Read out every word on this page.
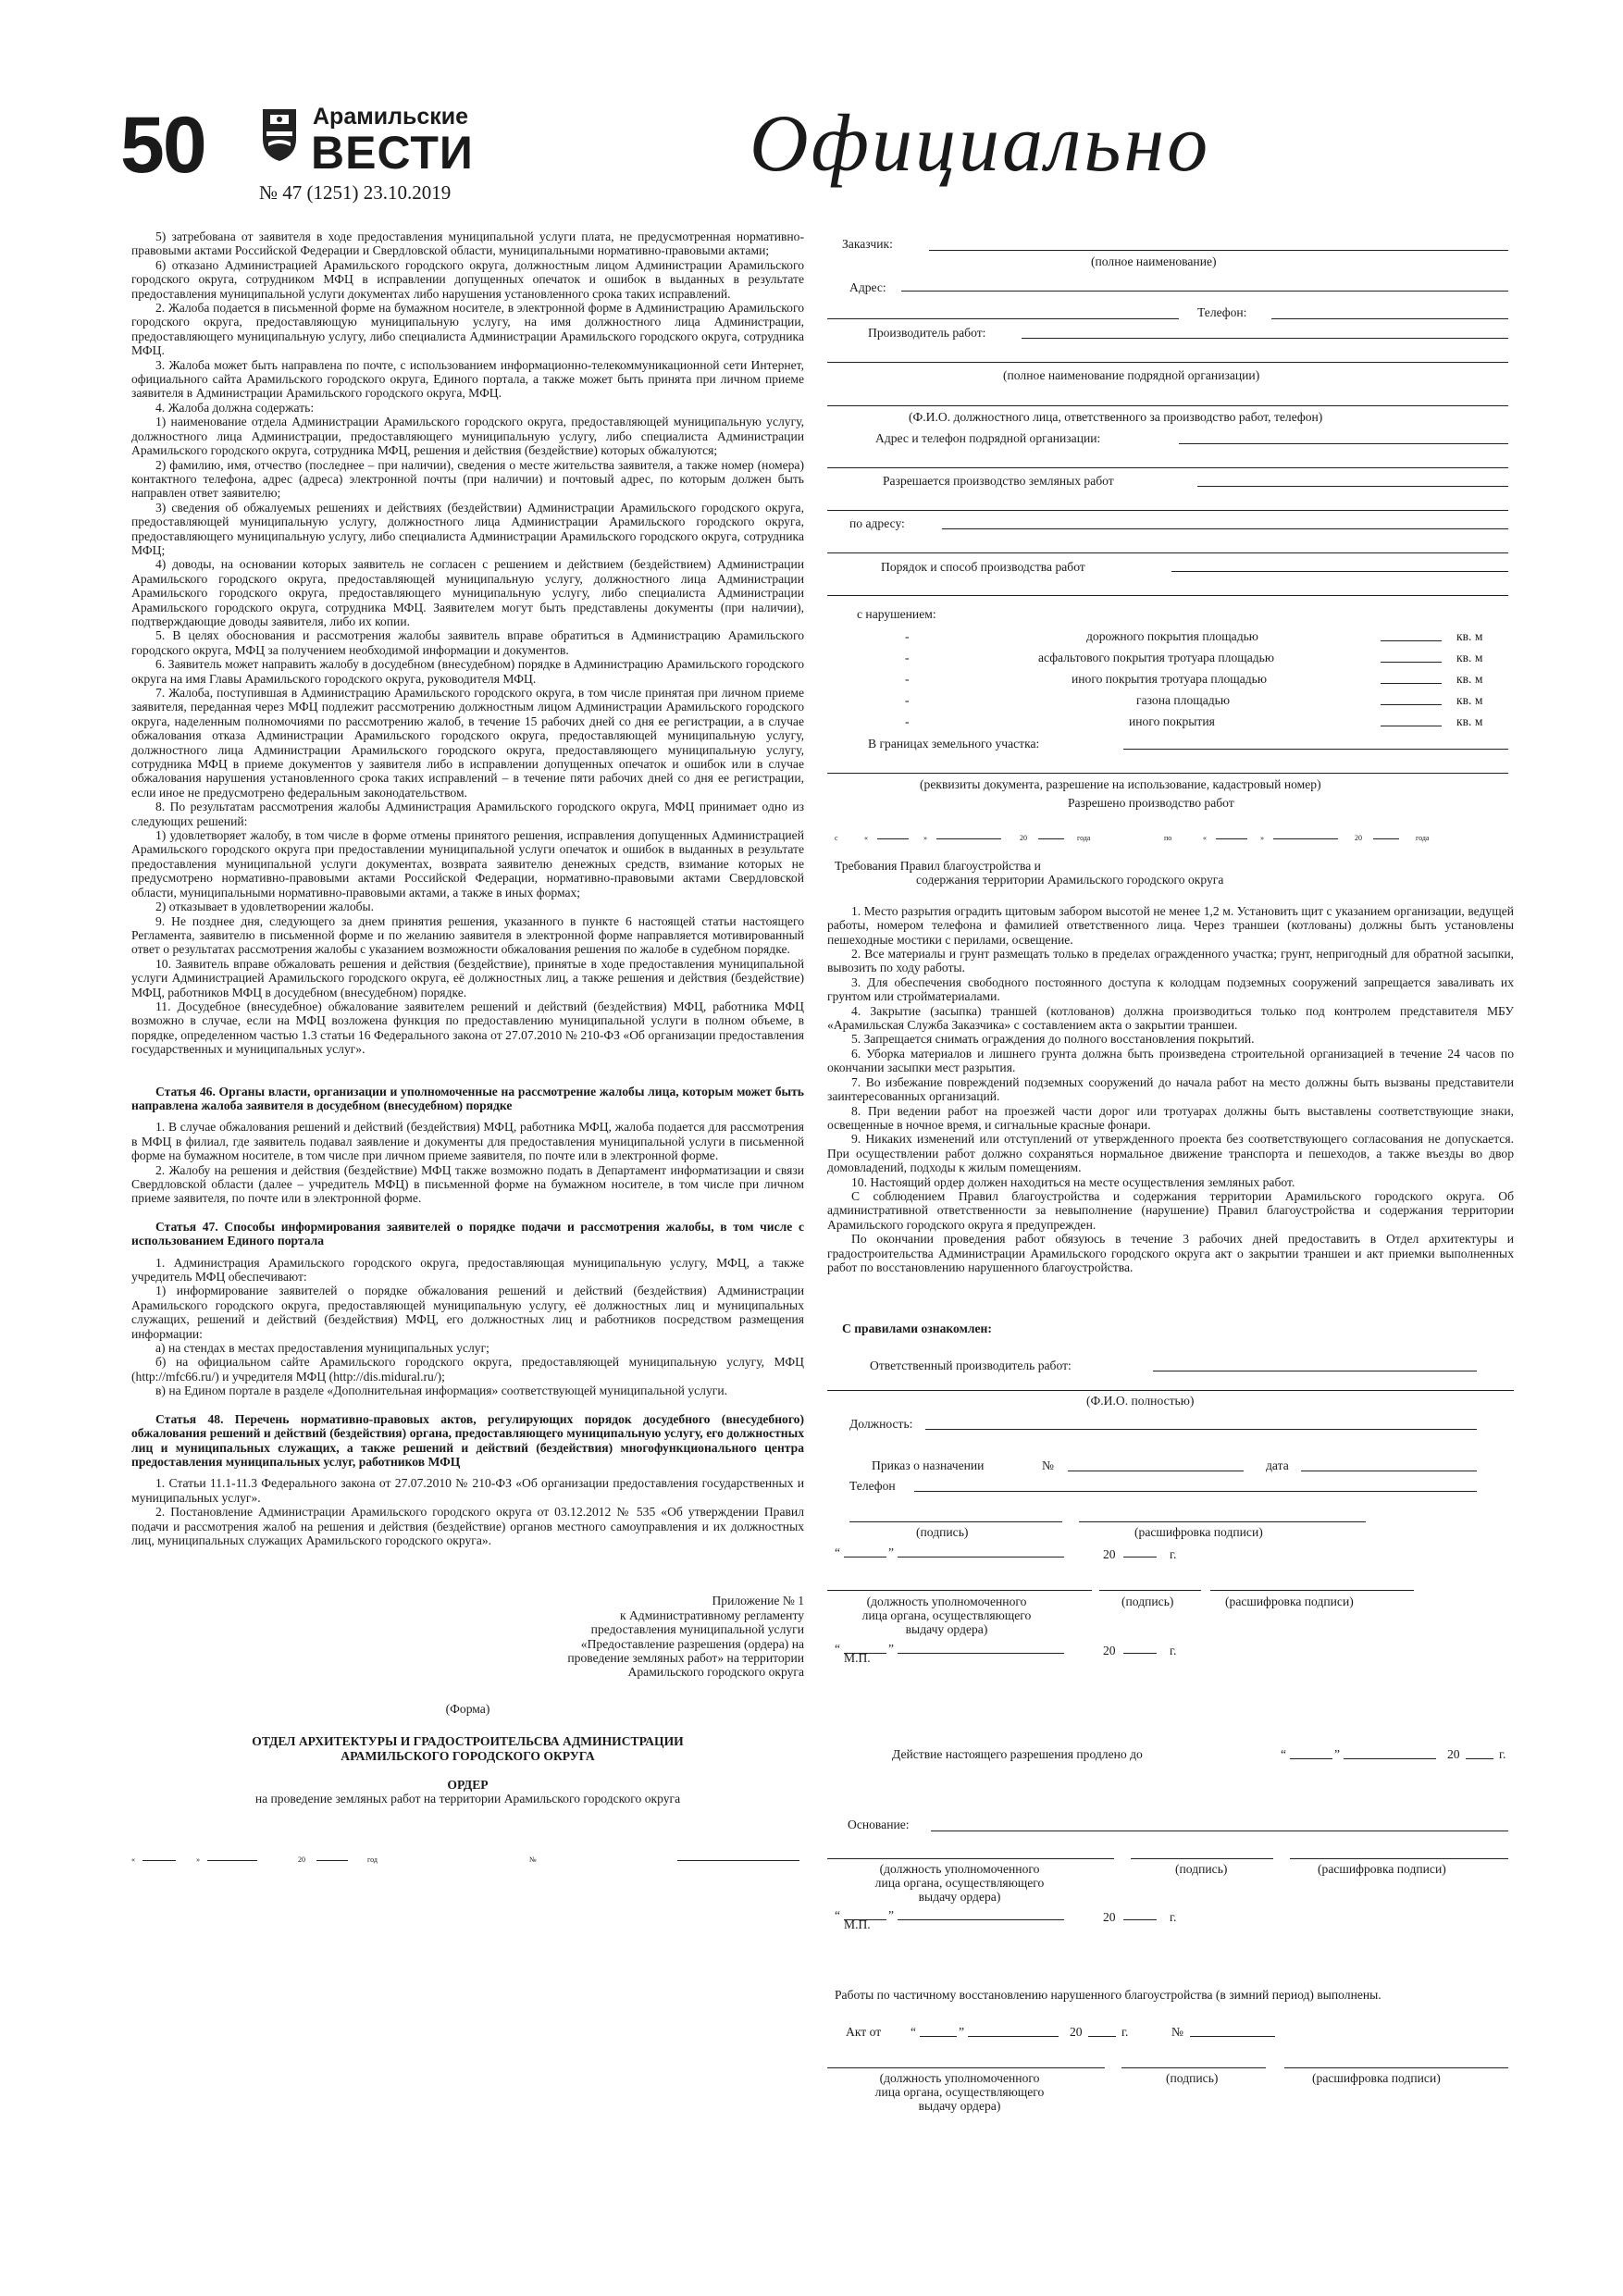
50	Арамильские
ВЕСТИ
№ 47 (1251) 23.10.2019
Официально

5) затребована от заявителя в ходе предоставления муниципальной услуги плата, не предусмотренная нормативно-правовыми актами Российской Федерации и Свердловской области, муниципальными нормативно-правовыми актами;

6) отказано Администрацией Арамильского городского округа, должностным лицом Администрации Арамильского городского округа, сотрудником МФЦ в исправлении допущенных опечаток и ошибок в выданных в результате предоставления муниципальной услуги документах либо нарушения установленного срока таких исправлений.

2. Жалоба подается в письменной форме на бумажном носителе, в электронной форме в Администрацию Арамильского городского округа, предоставляющую муниципальную услугу, на имя должностного лица Администрации, предоставляющего муниципальную услугу, либо специалиста Администрации Арамильского городского округа, сотрудника МФЦ.

3. Жалоба может быть направлена по почте, с использованием информационно-телекоммуникационной сети Интернет, официального сайта Арамильского городского округа, Единого портала, а также может быть принята при личном приеме заявителя в Администрации Арамильского городского округа, МФЦ.

4. Жалоба должна содержать:

1) наименование отдела Администрации Арамильского городского округа, предоставляющей муниципальную услугу, должностного лица Администрации, предоставляющего муниципальную услугу, либо специалиста Администрации Арамильского городского округа, сотрудника МФЦ, решения и действия (бездействие) которых обжалуются;

2) фамилию, имя, отчество (последнее – при наличии), сведения о месте жительства заявителя, а также номер (номера) контактного телефона, адрес (адреса) электронной почты (при наличии) и почтовый адрес, по которым должен быть направлен ответ заявителю;

3) сведения об обжалуемых решениях и действиях (бездействии) Администрации Арамильского городского округа, предоставляющей муниципальную услугу, должностного лица Администрации Арамильского городского округа, предоставляющего муниципальную услугу, либо специалиста Администрации Арамильского городского округа, сотрудника МФЦ;

4) доводы, на основании которых заявитель не согласен с решением и действием (бездействием) Администрации Арамильского городского округа, предоставляющей муниципальную услугу, должностного лица Администрации Арамильского городского округа, предоставляющего муниципальную услугу, либо специалиста Администрации Арамильского городского округа, сотрудника МФЦ. Заявителем могут быть представлены документы (при наличии), подтверждающие доводы заявителя, либо их копии.

5. В целях обоснования и рассмотрения жалобы заявитель вправе обратиться в Администрацию Арамильского городского округа, МФЦ за получением необходимой информации и документов.

6. Заявитель может направить жалобу в досудебном (внесудебном) порядке в Администрацию Арамильского городского округа на имя Главы Арамильского городского округа, руководителя МФЦ.

7. Жалоба, поступившая в Администрацию Арамильского городского округа, в том числе принятая при личном приеме заявителя, переданная через МФЦ подлежит рассмотрению должностным лицом Администрации Арамильского городского округа, наделенным полномочиями по рассмотрению жалоб, в течение 15 рабочих дней со дня ее регистрации, а в случае обжалования отказа Администрации Арамильского городского округа, предоставляющей муниципальную услугу, должностного лица Администрации Арамильского городского округа, предоставляющего муниципальную услугу, сотрудника МФЦ в приеме документов у заявителя либо в исправлении допущенных опечаток и ошибок или в случае обжалования нарушения установленного срока таких исправлений – в течение пяти рабочих дней со дня ее регистрации, если иное не предусмотрено федеральным законодательством.

8. По результатам рассмотрения жалобы Администрация Арамильского городского округа, МФЦ принимает одно из следующих решений:

1) удовлетворяет жалобу, в том числе в форме отмены принятого решения, исправления допущенных Администрацией Арамильского городского округа при предоставлении муниципальной услуги опечаток и ошибок в выданных в результате предоставления муниципальной услуги документах, возврата заявителю денежных средств, взимание которых не предусмотрено нормативно-правовыми актами Российской Федерации, нормативно-правовыми актами Свердловской области, муниципальными нормативно-правовыми актами, а также в иных формах;

2) отказывает в удовлетворении жалобы.

9. Не позднее дня, следующего за днем принятия решения, указанного в пункте 6 настоящей статьи настоящего Регламента, заявителю в письменной форме и по желанию заявителя в электронной форме направляется мотивированный ответ о результатах рассмотрения жалобы с указанием возможности обжалования решения по жалобе в судебном порядке.

10. Заявитель вправе обжаловать решения и действия (бездействие), принятые в ходе предоставления муниципальной услуги Администрацией Арамильского городского округа, её должностных лиц, а также решения и действия (бездействие) МФЦ, работников МФЦ в досудебном (внесудебном) порядке.

11. Досудебное (внесудебное) обжалование заявителем решений и действий (бездействия) МФЦ, работника МФЦ возможно в случае, если на МФЦ возложена функция по предоставлению муниципальной услуги в полном объеме, в порядке, определенном частью 1.3 статьи 16 Федерального закона от 27.07.2010 № 210-ФЗ «Об организации предоставления государственных и муниципальных услуг».

Статья 46. Органы власти, организации и уполномоченные на рассмотрение жалобы лица, которым может быть направлена жалоба заявителя в досудебном (внесудебном) порядке

1. В случае обжалования решений и действий (бездействия) МФЦ, работника МФЦ, жалоба подается для рассмотрения в МФЦ в филиал, где заявитель подавал заявление и документы для предоставления муниципальной услуги в письменной форме на бумажном носителе, в том числе при личном приеме заявителя, по почте или в электронной форме.

2. Жалобу на решения и действия (бездействие) МФЦ также возможно подать в Департамент информатизации и связи Свердловской области (далее – учредитель МФЦ) в письменной форме на бумажном носителе, в том числе при личном приеме заявителя, по почте или в электронной форме.

Статья 47. Способы информирования заявителей о порядке подачи и рассмотрения жалобы, в том числе с использованием Единого портала

1. Администрация Арамильского городского округа, предоставляющая муниципальную услугу, МФЦ, а также учредитель МФЦ обеспечивают:

1) информирование заявителей о порядке обжалования решений и действий (бездействия) Администрации Арамильского городского округа, предоставляющей муниципальную услугу, её должностных лиц и муниципальных служащих, решений и действий (бездействия) МФЦ, его должностных лиц и работников посредством размещения информации:

а) на стендах в местах предоставления муниципальных услуг;

б) на официальном сайте Арамильского городского округа, предоставляющей муниципальную услугу, МФЦ (http://mfc66.ru/) и учредителя МФЦ (http://dis.midural.ru/);

в) на Едином портале в разделе «Дополнительная информация» соответствующей муниципальной услуги.

Статья 48. Перечень нормативно-правовых актов, регулирующих порядок досудебного (внесудебного) обжалования решений и действий (бездействия) органа, предоставляющего муниципальную услугу, его должностных лиц и муниципальных служащих, а также решений и действий (бездействия) многофункционального центра предоставления муниципальных услуг, работников МФЦ

1. Статьи 11.1-11.3 Федерального закона от 27.07.2010 № 210-ФЗ «Об организации предоставления государственных и муниципальных услуг».

2. Постановление Администрации Арамильского городского округа от 03.12.2012 № 535 «Об утверждении Правил подачи и рассмотрения жалоб на решения и действия (бездействие) органов местного самоуправления и их должностных лиц, муниципальных служащих Арамильского городского округа».

Приложение № 1
к Административному регламенту
предоставления муниципальной услуги
«Предоставление разрешения (ордера) на
проведение земляных работ» на территории
Арамильского городского округа
(Форма)
ОТДЕЛ АРХИТЕКТУРЫ И ГРАДОСТРОИТЕЛЬСВА АДМИНИСТРАЦИИ АРАМИЛЬСКОГО ГОРОДСКОГО ОКРУГА
ОРДЕР
на проведение земляных работ на территории Арамильского городского округа
«	»	20	год	№
Заказчик:
(полное наименование)
Адрес:
Телефон:
Производитель работ:
(полное наименование подрядной организации)
(Ф.И.О. должностного лица, ответственного за производство работ, телефон)
Адрес и телефон подрядной организации:
Разрешается производство земляных работ
по адресу:
Порядок и способ производства работ
с нарушением:
-	дорожного покрытия площадью	кв. м
-	асфальтового покрытия тротуара площадью	кв. м
-	иного покрытия тротуара площадью	кв. м
-	газона площадью	кв. м
-	иного покрытия	кв. м
В границах земельного участка:
(реквизиты документа, разрешение на использование, кадастровый номер)
Разрешено производство работ
с	«	»	20	года	по	«	»	20	года
Требования Правил благоустройства и
содержания территории Арамильского городского округа

1. Место разрытия оградить щитовым забором высотой не менее 1,2 м. Установить щит с указанием организации, ведущей работы, номером телефона и фамилией ответственного лица. Через траншеи (котлованы) должны быть установлены пешеходные мостики с перилами, освещение.

2. Все материалы и грунт размещать только в пределах огражденного участка; грунт, непригодный для обратной засыпки, вывозить по ходу работы.

3. Для обеспечения свободного постоянного доступа к колодцам подземных сооружений запрещается заваливать их грунтом или стройматериалами.

4. Закрытие (засыпка) траншей (котлованов) должна производиться только под контролем представителя МБУ «Арамильская Служба Заказчика» с составлением акта о закрытии траншеи.

5. Запрещается снимать ограждения до полного восстановления покрытий.

6. Уборка материалов и лишнего грунта должна быть произведена строительной организацией в течение 24 часов по окончании засыпки мест разрытия.

7. Во избежание повреждений подземных сооружений до начала работ на место должны быть вызваны представители заинтересованных организаций.

8. При ведении работ на проезжей части дорог или тротуарах должны быть выставлены соответствующие знаки, освещенные в ночное время, и сигнальные красные фонари.

9. Никаких изменений или отступлений от утвержденного проекта без соответствующего согласования не допускается. При осуществлении работ должно сохраняться нормальное движение транспорта и пешеходов, а также въезды во двор домовладений, подходы к жилым помещениям.

10. Настоящий ордер должен находиться на месте осуществления земляных работ.

С соблюдением Правил благоустройства и содержания территории Арамильского городского округа. Об административной ответственности за невыполнение (нарушение) Правил благоустройства и содержания территории Арамильского городского округа я предупрежден.

По окончании проведения работ обязуюсь в течение 3 рабочих дней предоставить в Отдел архитектуры и градостроительства Администрации Арамильского городского округа акт о закрытии траншеи и акт приемки выполненных работ по восстановлению нарушенного благоустройства.

С правилами ознакомлен:
Ответственный производитель работ:
(Ф.И.О. полностью)
Должность:
Приказ о назначении	№	дата
Телефон
(подпись)	(расшифровка подписи)
“	”	20	г.
(должность уполномоченного
лица органа, осуществляющего
выдачу ордера)
(подпись)	(расшифровка подписи)
“	”	20	г.
М.П.
Действие настоящего разрешения продлено до	“	”	20	г.
Основание:
(должность уполномоченного
лица органа, осуществляющего
выдачу ордера)
(подпись)	(расшифровка подписи)
“	”	20	г.
М.П.
Работы по частичному восстановлению нарушенного благоустройства (в зимний период) выполнены.
Акт от “	”	20	г.	№
(должность уполномоченного
лица органа, осуществляющего
выдачу ордера)
(подпись)	(расшифровка подписи)
